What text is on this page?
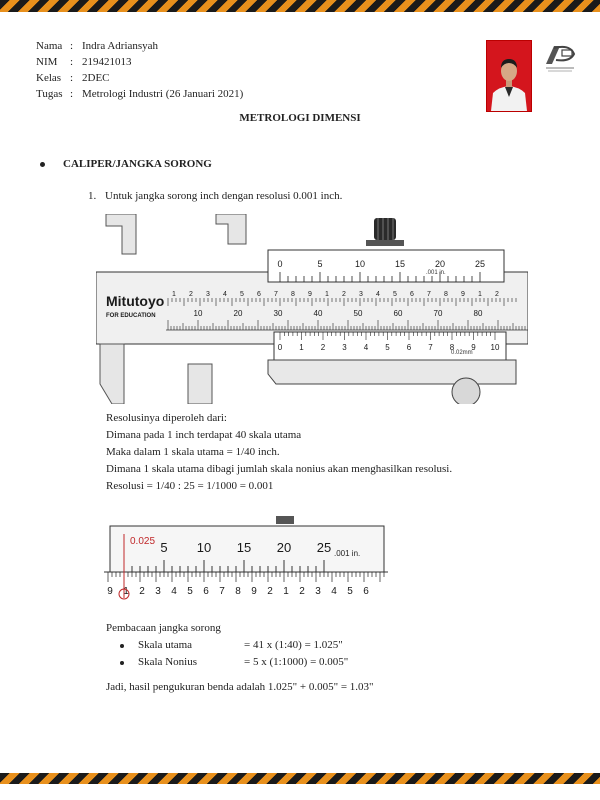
Nama : Indra Adriansyah
NIM	: 219421013
Kelas : 2DEC
Tugas : Metrologi Industri (26 Januari 2021)
METROLOGI DIMENSI
CALIPER/JANGKA SORONG
1. Untuk jangka sorong inch dengan resolusi 0.001 inch.
Mitutoyo
FOR EDUCATION
0	5	10	15	20	25
.001 in.
1 2 3 4 5 6 7 8 9 1 2 3 4 5 6 7 8 9 1 2
10	20	30	40	50	60	70	80
0 1 2 3 4 5 6 7 8 9 10
0.02mm
Resolusinya diperoleh dari:
Dimana pada 1 inch terdapat 40 skala utama
Maka dalam 1 skala utama = 1/40 inch.
Dimana 1 skala utama dibagi jumlah skala nonius akan menghasilkan resolusi.
Resolusi = 1/40 : 25 = 1/1000 = 0.001
5 10 15 20 25 .001 in.
9 1 2 3 4 5 6 7 8 9 2 1 2 3 4 5 6
0.025
Pembacaan jangka sorong
Skala utama	= 41 x (1:40) = 1.025"
Skala Nonius	= 5 x (1:1000) = 0.005"
Jadi, hasil pengukuran benda adalah 1.025" + 0.005" = 1.03"
